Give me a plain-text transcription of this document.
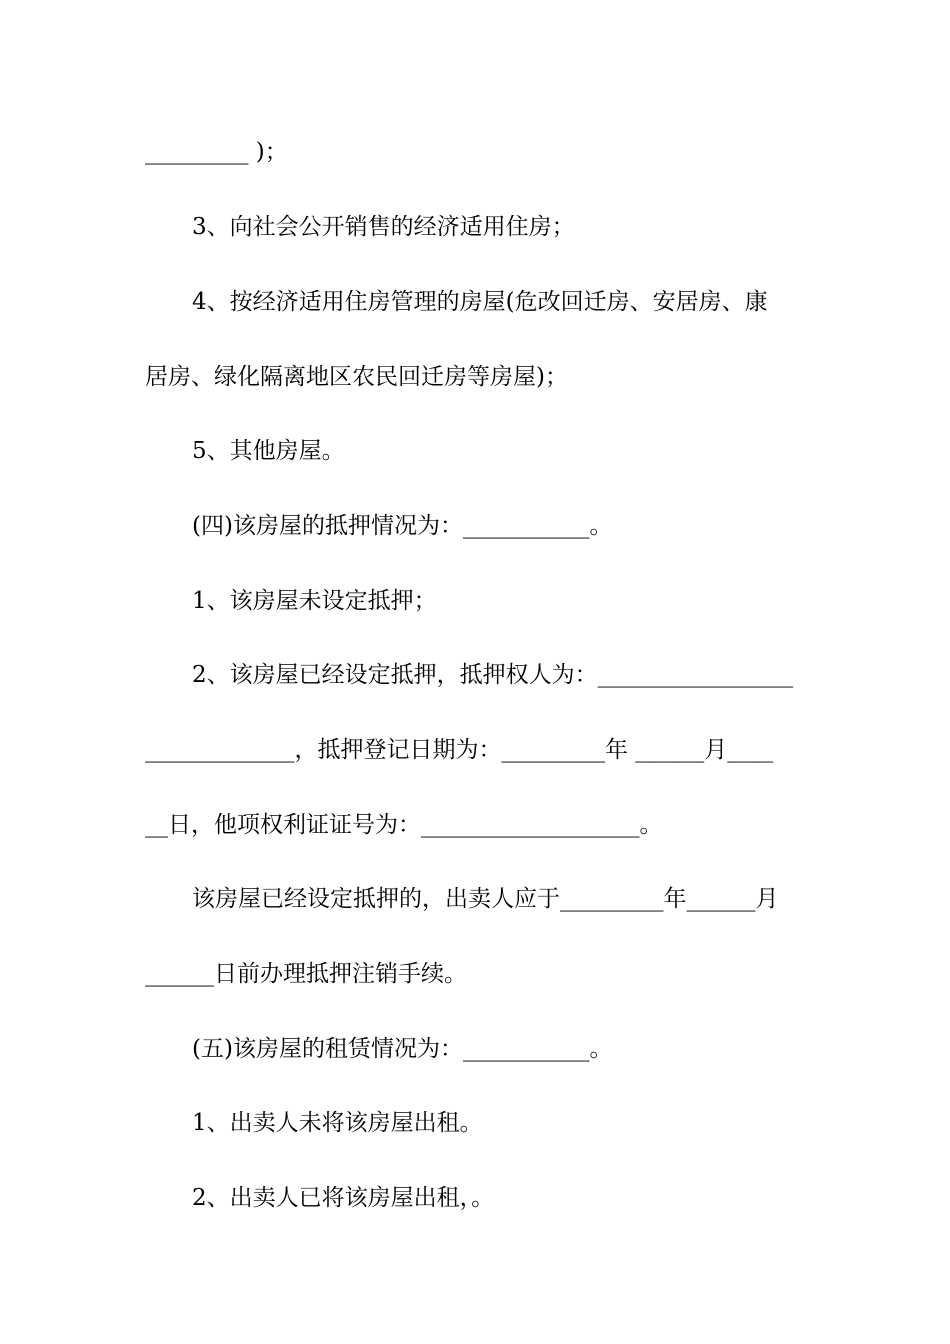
_________ )；
3、向社会公开销售的经济适用住房；
4、按经济适用住房管理的房屋(危改回迁房、安居房、康
居房、绿化隔离地区农民回迁房等房屋)；
5、其他房屋。
(四)该房屋的抵押情况为：___________。
1、该房屋未设定抵押；
2、该房屋已经设定抵押，抵押权人为：_________________
_____________，抵押登记日期为：_________年 ______月____
__日，他项权利证证号为：___________________。
该房屋已经设定抵押的，出卖人应于_________年______月
______日前办理抵押注销手续。
(五)该房屋的租赁情况为：___________。
1、出卖人未将该房屋出租。
2、出卖人已将该房屋出租，。
